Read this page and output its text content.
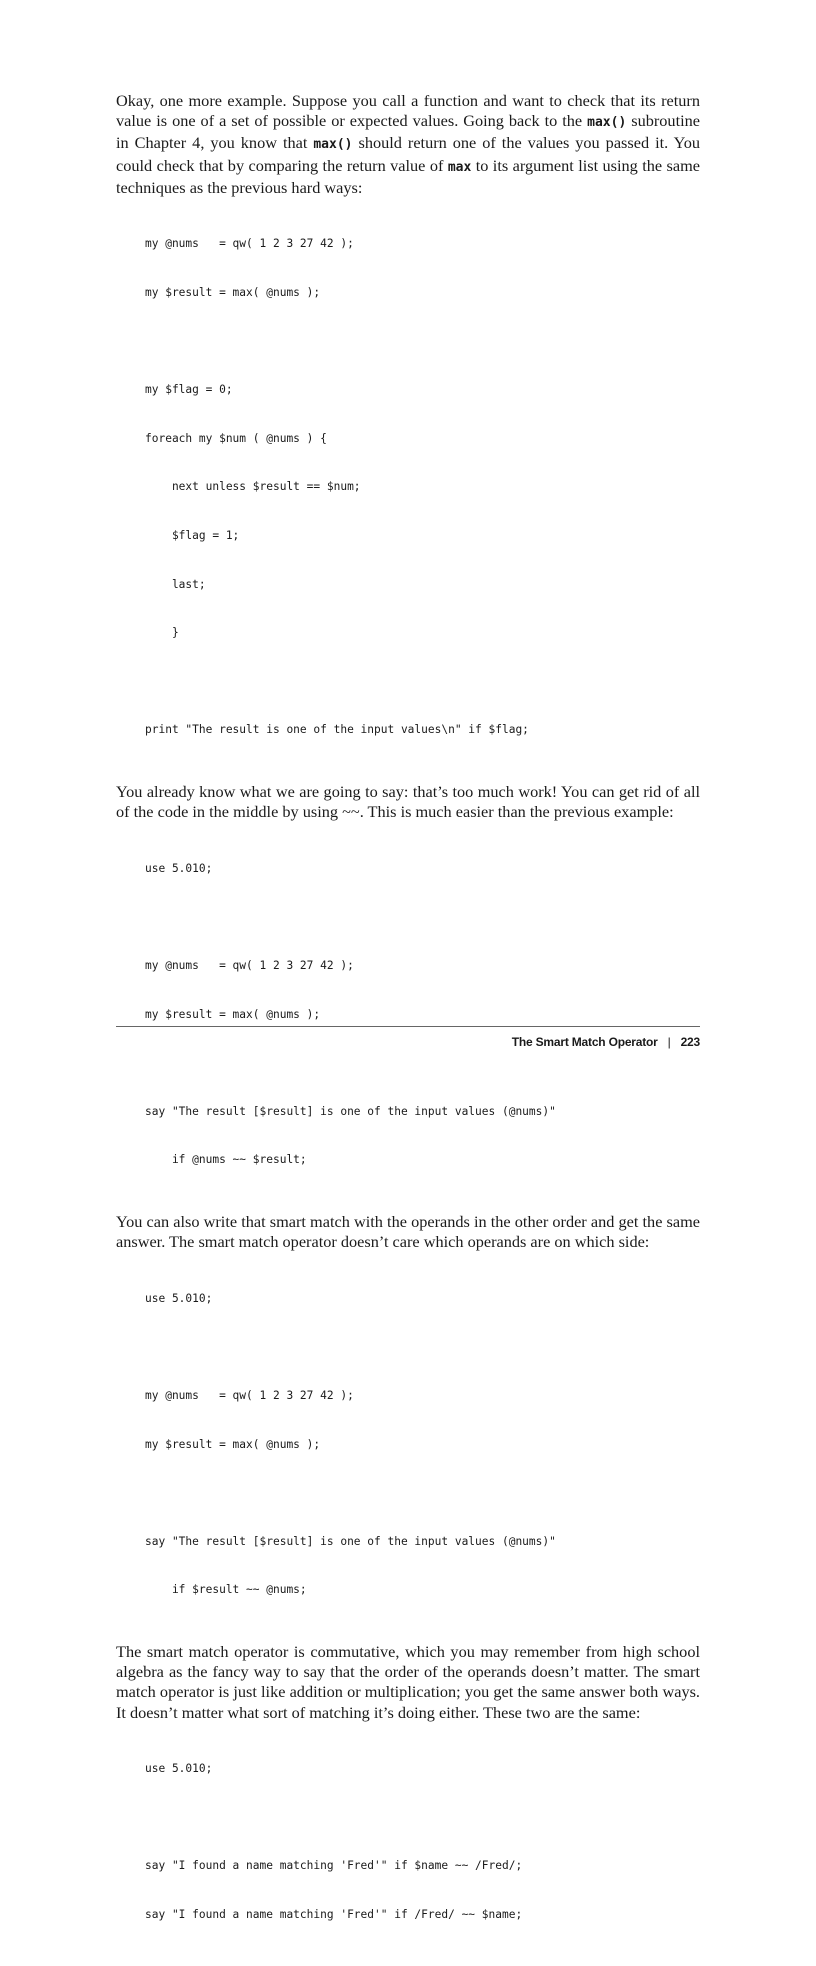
Okay, one more example. Suppose you call a function and want to check that its return value is one of a set of possible or expected values. Going back to the max() subroutine in Chapter 4, you know that max() should return one of the values you passed it. You could check that by comparing the return value of max to its argument list using the same techniques as the previous hard ways:

my @nums   = qw( 1 2 3 27 42 );

my $result = max( @nums );

my $flag = 0;

foreach my $num ( @nums ) {

next unless $result == $num;

$flag = 1;

last;

}

print "The result is one of the input values\n" if $flag;

You already know what we are going to say: that’s too much work! You can get rid of all of the code in the middle by using ~~. This is much easier than the previous example:

use 5.010;

my @nums   = qw( 1 2 3 27 42 );

my $result = max( @nums );

say "The result [$result] is one of the input values (@nums)"

if @nums ~~ $result;

You can also write that smart match with the operands in the other order and get the same answer. The smart match operator doesn’t care which operands are on which side:

use 5.010;

my @nums   = qw( 1 2 3 27 42 );

my $result = max( @nums );

say "The result [$result] is one of the input values (@nums)"

if $result ~~ @nums;

The smart match operator is commutative, which you may remember from high school algebra as the fancy way to say that the order of the operands doesn’t matter. The smart match operator is just like addition or multiplication; you get the same answer both ways. It doesn’t matter what sort of matching it’s doing either. These two are the same:

use 5.010;

say "I found a name matching 'Fred'" if $name ~~ /Fred/;

say "I found a name matching 'Fred'" if /Fred/ ~~ $name;

The Smart Match Operator | 223
